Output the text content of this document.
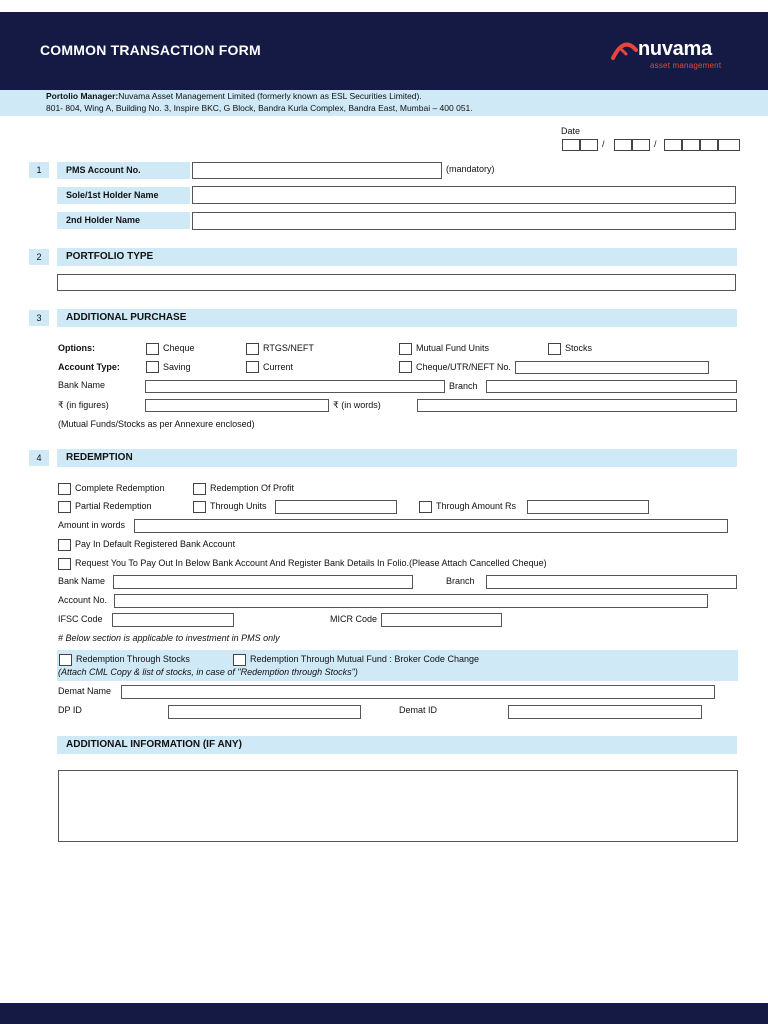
COMMON TRANSACTION FORM	nuvama
asset management
Portolio Manager:Nuvama Asset Management Limited (formerly known as ESL Securities Limited).
801- 804, Wing A, Building No. 3, Inspire BKC, G Block, Bandra Kurla Complex, Bandra East, Mumbai – 400 051.
Date
/	/
1	PMS Account No.	(mandatory)
Sole/1st Holder Name
2nd Holder Name
2	PORTFOLIO TYPE
3	ADDITIONAL PURCHASE
Options:	Cheque	RTGS/NEFT	Mutual Fund Units	Stocks
Account Type:	Saving	Current	Cheque/UTR/NEFT No.
Bank Name	Branch
₹ (in figures)	₹ (in words)
(Mutual Funds/Stocks as per Annexure enclosed)
4	REDEMPTION
Complete Redemption	Redemption Of Profit
Partial Redemption	Through Units	Through Amount Rs
Amount in words
Pay In Default Registered Bank Account
Request You To Pay Out In Below Bank Account And Register Bank Details In Folio.(Please Attach Cancelled Cheque)
Bank Name	Branch
Account No.
IFSC Code	MICR Code
# Below section is applicable to investment in PMS only
Redemption Through Stocks	Redemption Through Mutual Fund : Broker Code Change
(Attach CML Copy & list of stocks, in case of "Redemption through Stocks")
Demat Name
DP ID	Demat ID
ADDITIONAL INFORMATION (IF ANY)
